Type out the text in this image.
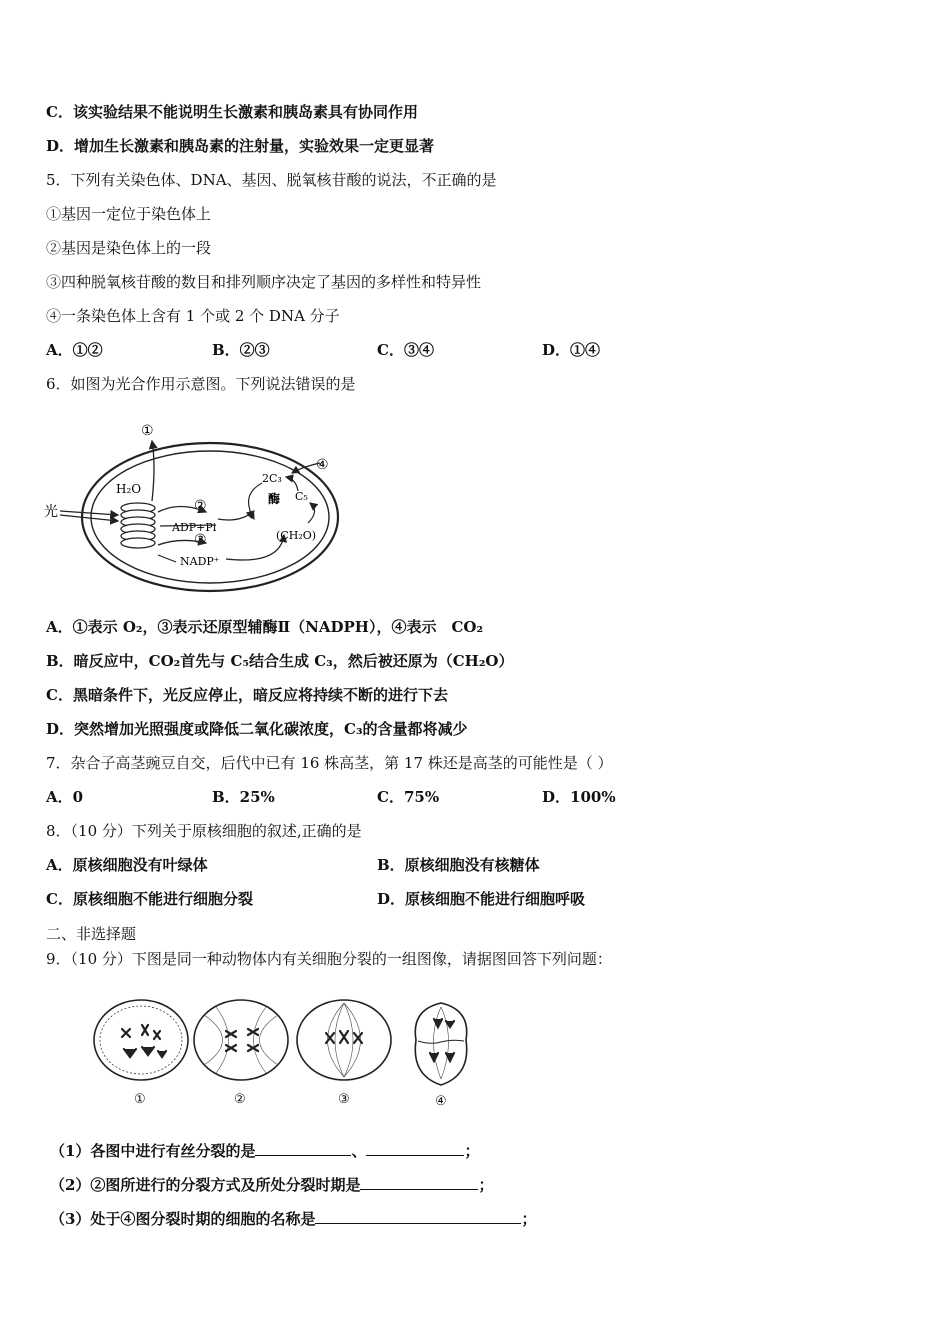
C．该实验结果不能说明生长激素和胰岛素具有协同作用
D．增加生长激素和胰岛素的注射量，实验效果一定更显著
5．下列有关染色体、DNA、基因、脱氧核苷酸的说法，不正确的是
①基因一定位于染色体上
②基因是染色体上的一段
③四种脱氧核苷酸的数目和排列顺序决定了基因的多样性和特异性
④一条染色体上含有 1 个或 2 个 DNA 分子
A．①②	B．②③	C．③④	D．①④
6．如图为光合作用示意图。下列说法错误的是
光
H₂O
①
②
ADP+Pi
③
NADP⁺
2C₃
C₅
酶
(CH₂O)
④
A．①表示 O₂，③表示还原型辅酶Ⅱ（NADPH），④表示　CO₂
B．暗反应中，CO₂首先与 C₅结合生成 C₃，然后被还原为（CH₂O）
C．黑暗条件下，光反应停止，暗反应将持续不断的进行下去
D．突然增加光照强度或降低二氧化碳浓度，C₃的含量都将减少
7．杂合子高茎豌豆自交，后代中已有 16 株高茎，第 17 株还是高茎的可能性是（ ）
A．0	B．25%	C．75%	D．100%
8．（10 分）下列关于原核细胞的叙述,正确的是
A．原核细胞没有叶绿体	B．原核细胞没有核糖体
C．原核细胞不能进行细胞分裂	D．原核细胞不能进行细胞呼吸
二、非选择题
9．（10 分）下图是同一种动物体内有关细胞分裂的一组图像，请据图回答下列问题：
①	②	③	④
（1）各图中进行有丝分裂的是	、	；
（2）②图所进行的分裂方式及所处分裂时期是	；
（3）处于④图分裂时期的细胞的名称是	；
